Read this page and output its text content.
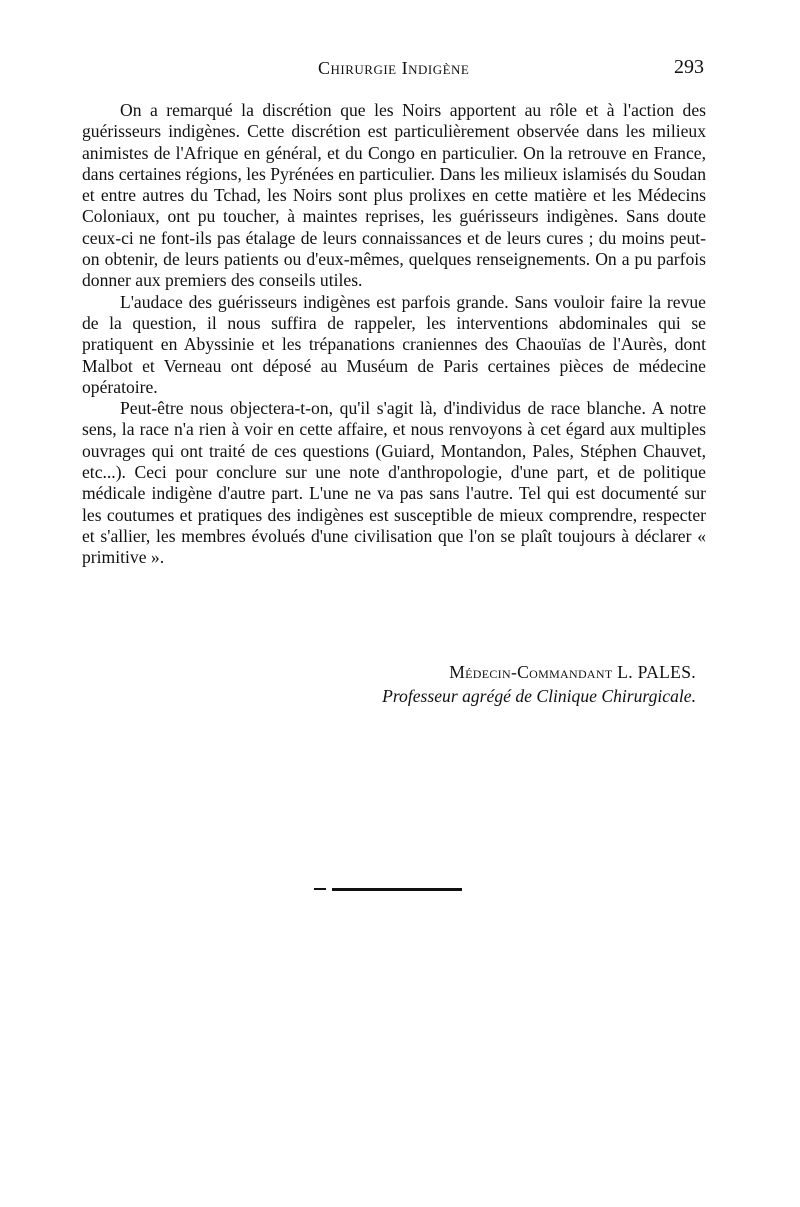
Chirurgie Indigène	293

On a remarqué la discrétion que les Noirs apportent au rôle et à l'action des guérisseurs indigènes. Cette discrétion est particulièrement observée dans les milieux animistes de l'Afrique en général, et du Congo en particulier. On la retrouve en France, dans certaines régions, les Pyrénées en particulier. Dans les milieux islamisés du Soudan et entre autres du Tchad, les Noirs sont plus prolixes en cette matière et les Médecins Coloniaux, ont pu toucher, à maintes reprises, les guérisseurs indigènes. Sans doute ceux-ci ne font-ils pas étalage de leurs connaissances et de leurs cures ; du moins peut-on obtenir, de leurs patients ou d'eux-mêmes, quelques renseignements. On a pu parfois donner aux premiers des conseils utiles.

L'audace des guérisseurs indigènes est parfois grande. Sans vouloir faire la revue de la question, il nous suffira de rappeler, les interventions abdominales qui se pratiquent en Abyssinie et les trépanations craniennes des Chaouïas de l'Aurès, dont Malbot et Verneau ont déposé au Muséum de Paris certaines pièces de médecine opératoire.

Peut-être nous objectera-t-on, qu'il s'agit là, d'individus de race blanche. A notre sens, la race n'a rien à voir en cette affaire, et nous renvoyons à cet égard aux multiples ouvrages qui ont traité de ces questions (Guiard, Montandon, Pales, Stéphen Chauvet, etc...). Ceci pour conclure sur une note d'anthropologie, d'une part, et de politique médicale indigène d'autre part. L'une ne va pas sans l'autre. Tel qui est documenté sur les coutumes et pratiques des indigènes est susceptible de mieux comprendre, respecter et s'allier, les membres évolués d'une civilisation que l'on se plaît toujours à déclarer « primitive ».

Médecin-Commandant L. PALES.
Professeur agrégé de Clinique Chirurgicale.
